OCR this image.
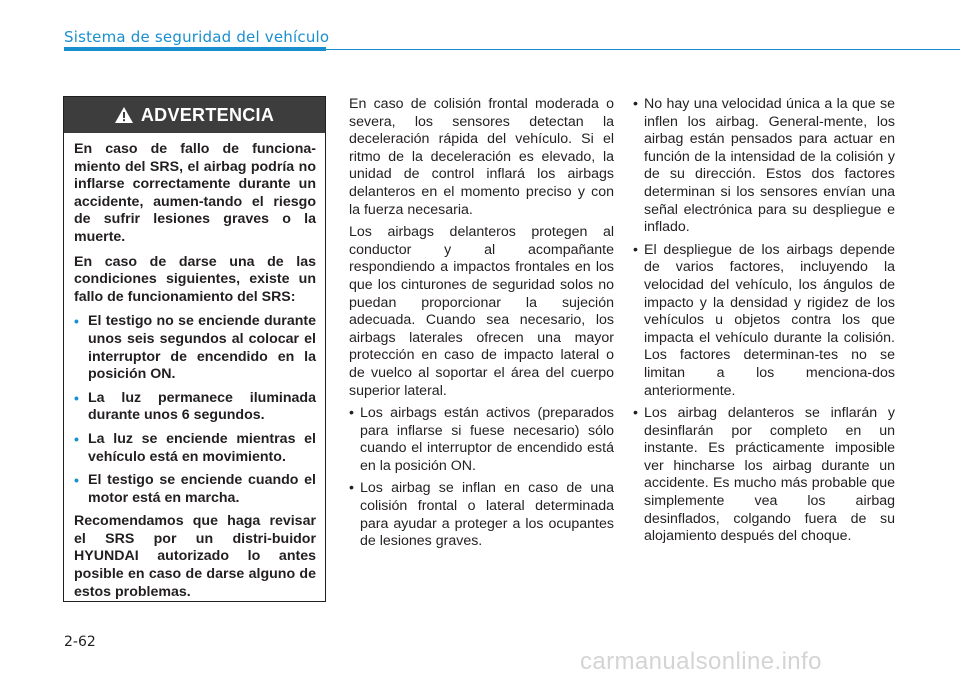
Sistema de seguridad del vehículo
ADVERTENCIA

En caso de fallo de funciona-miento del SRS, el airbag podría no inflarse correctamente durante un accidente, aumen-tando el riesgo de sufrir lesiones graves o la muerte.

En caso de darse una de las condiciones siguientes, existe un fallo de funcionamiento del SRS:

• El testigo no se enciende durante unos seis segundos al colocar el interruptor de encendido en la posición ON.
• La luz permanece iluminada durante unos 6 segundos.
• La luz se enciende mientras el vehículo está en movimiento.
• El testigo se enciende cuando el motor está en marcha.

Recomendamos que haga revisar el SRS por un distri-buidor HYUNDAI autorizado lo antes posible en caso de darse alguno de estos problemas.

En caso de colisión frontal moderada o severa, los sensores detectan la deceleración rápida del vehículo. Si el ritmo de la deceleración es elevado, la unidad de control inflará los airbags delanteros en el momento preciso y con la fuerza necesaria.

Los airbags delanteros protegen al conductor y al acompañante respondiendo a impactos frontales en los que los cinturones de seguridad solos no puedan proporcionar la sujeción adecuada. Cuando sea necesario, los airbags laterales ofrecen una mayor protección en caso de impacto lateral o de vuelco al soportar el área del cuerpo superior lateral.

• Los airbags están activos (preparados para inflarse si fuese necesario) sólo cuando el interruptor de encendido está en la posición ON.
• Los airbag se inflan en caso de una colisión frontal o lateral determinada para ayudar a proteger a los ocupantes de lesiones graves.
• No hay una velocidad única a la que se inflen los airbag. General-mente, los airbag están pensados para actuar en función de la intensidad de la colisión y de su dirección. Estos dos factores determinan si los sensores envían una señal electrónica para su despliegue e inflado.
• El despliegue de los airbags depende de varios factores, incluyendo la velocidad del vehículo, los ángulos de impacto y la densidad y rigidez de los vehículos u objetos contra los que impacta el vehículo durante la colisión. Los factores determinan-tes no se limitan a los menciona-dos anteriormente.
• Los airbag delanteros se inflarán y desinflarán por completo en un instante. Es prácticamente imposible ver hincharse los airbag durante un accidente. Es mucho más probable que simplemente vea los airbag desinflados, colgando fuera de su alojamiento después del choque.
2-62
carmanualsonline.info
